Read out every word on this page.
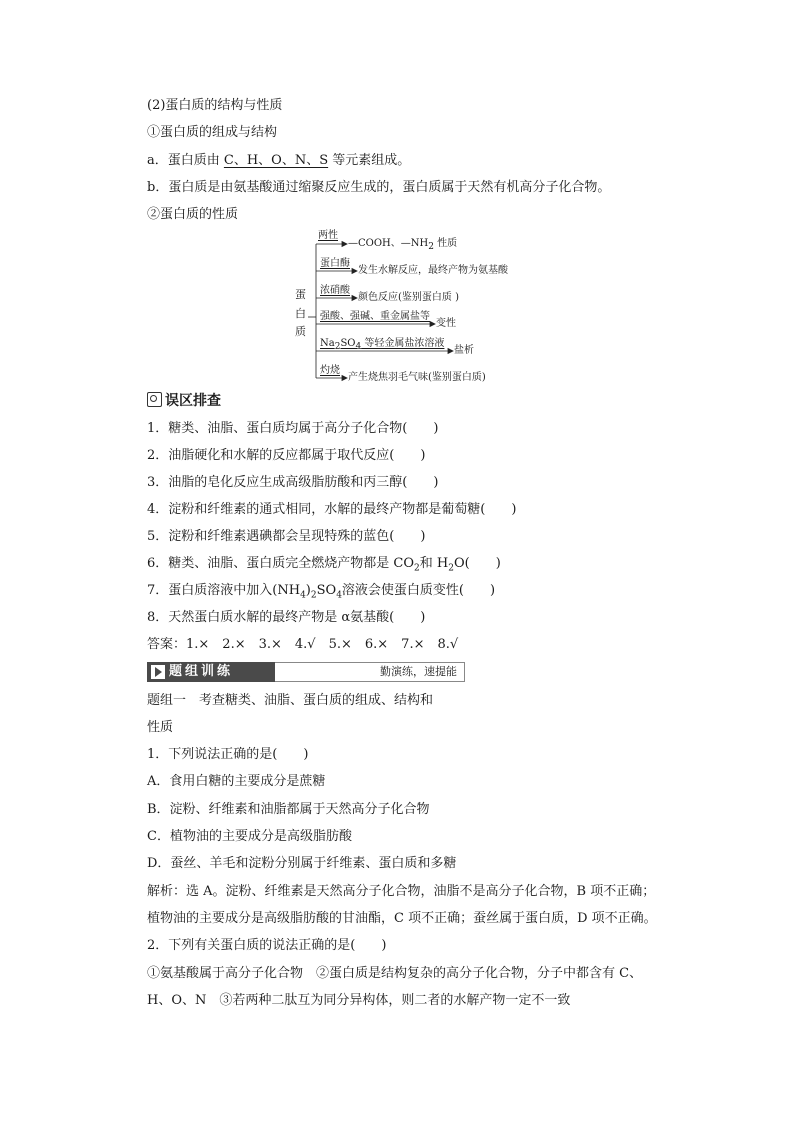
(2)蛋白质的结构与性质
①蛋白质的组成与结构
a．蛋白质由 C、H、O、N、S 等元素组成。
b．蛋白质是由氨基酸通过缩聚反应生成的，蛋白质属于天然有机高分子化合物。
②蛋白质的性质
蛋
白
质
两性
—COOH、$—NH_2$ 性质
蛋白酶
发生水解反应，最终产物为氨基酸
浓硝酸
颜色反应(鉴别蛋白质 )
强酸、强碱、重金属盐等
变性
$Na_2SO_4$ 等轻金属盐浓溶液
盐析
灼烧
产生烧焦羽毛气味(鉴别蛋白质)
误区排查
1．糖类、油脂、蛋白质均属于高分子化合物(　　)
2．油脂硬化和水解的反应都属于取代反应(　　)
3．油脂的皂化反应生成高级脂肪酸和丙三醇(　　)
4．淀粉和纤维素的通式相同，水解的最终产物都是葡萄糖(　　)
5．淀粉和纤维素遇碘都会呈现特殊的蓝色(　　)
6．糖类、油脂、蛋白质完全燃烧产物都是 $CO_2$和 $H_2O$(　　)
7．蛋白质溶液中加入$(NH_4)_2SO_4$溶液会使蛋白质变性(　　)
8．天然蛋白质水解的最终产物是 α氨基酸(　　)
答案：1.×　2.×　3.×　4.√　5.×　6.×　7.×　8.√
题组训练	勤演练，速提能
题组一　考查糖类、油脂、蛋白质的组成、结构和
性质
1．下列说法正确的是(　　)
A．食用白糖的主要成分是蔗糖
B．淀粉、纤维素和油脂都属于天然高分子化合物
C．植物油的主要成分是高级脂肪酸
D．蚕丝、羊毛和淀粉分别属于纤维素、蛋白质和多糖
解析：选 A。淀粉、纤维素是天然高分子化合物，油脂不是高分子化合物，B 项不正确；
植物油的主要成分是高级脂肪酸的甘油酯，C 项不正确；蚕丝属于蛋白质，D 项不正确。
2．下列有关蛋白质的说法正确的是(　　)
①氨基酸属于高分子化合物　②蛋白质是结构复杂的高分子化合物，分子中都含有 C、
H、O、N　③若两种二肽互为同分异构体，则二者的水解产物一定不一致
